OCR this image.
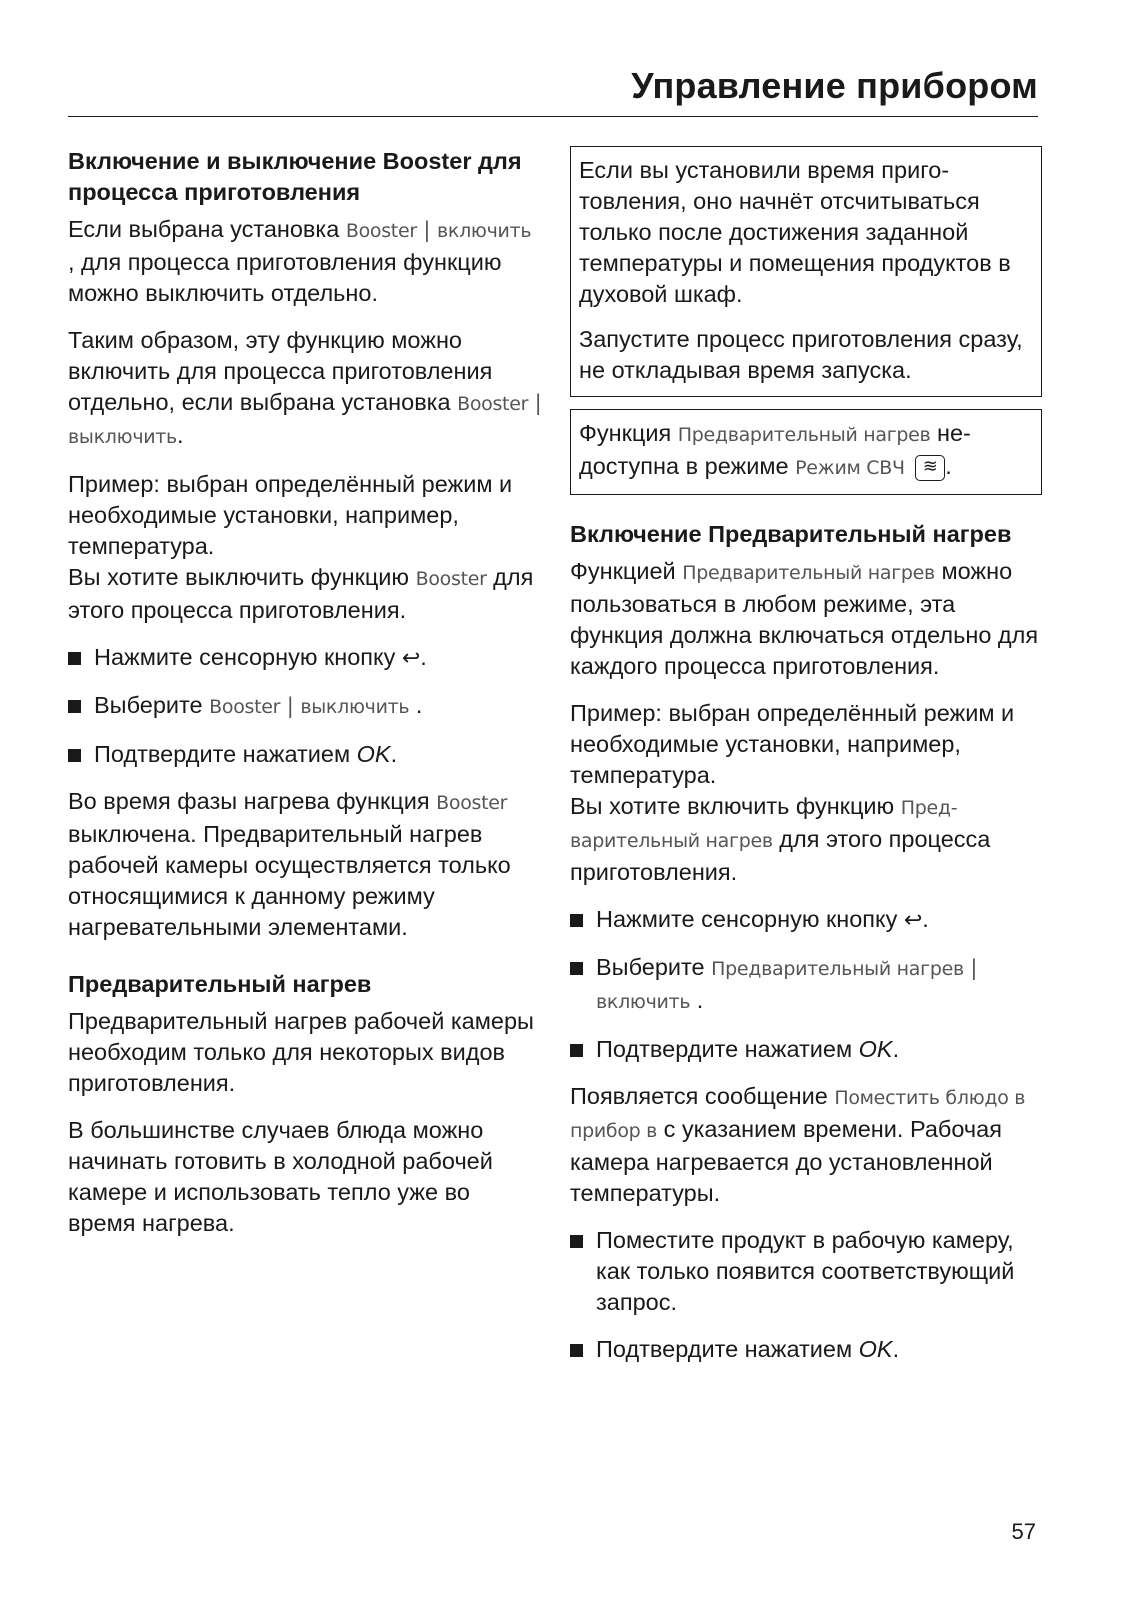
Управление прибором
Включение и выключение Booster для процесса приготовления

Если выбрана установка Booster | включить , для процесса приготовления функцию можно выключить отдельно.

Таким образом, эту функцию можно включить для процесса приготовления отдельно, если выбрана установка Booster | выключить.

Пример: выбран определённый режим и необходимые установки, например, температура.
Вы хотите выключить функцию Booster для этого процесса приготовления.

Нажмите сенсорную кнопку ↩.
Выберите Booster | выключить .
Подтвердите нажатием OK.

Во время фазы нагрева функция Booster выключена. Предварительный нагрев рабочей камеры осуществляется только относящимися к данному режиму нагревательными элементами.

Предварительный нагрев

Предварительный нагрев рабочей камеры необходим только для некоторых видов приготовления.

В большинстве случаев блюда можно начинать готовить в холодной рабочей камере и использовать тепло уже во время нагрева.

Если вы установили время приготовления, оно начнёт отсчитываться только после достижения заданной температуры и помещения продуктов в духовой шкаф.

Запустите процесс приготовления сразу, не откладывая время запуска.

Функция Предварительный нагрев недоступна в режиме Режим СВЧ ≋ .

Включение Предварительный нагрев

Функцией Предварительный нагрев можно пользоваться в любом режиме, эта функция должна включаться отдельно для каждого процесса приготовления.

Пример: выбран определённый режим и необходимые установки, например, температура.
Вы хотите включить функцию Предварительный нагрев для этого процесса приготовления.

Нажмите сенсорную кнопку ↩.
Выберите Предварительный нагрев | включить .
Подтвердите нажатием OK.

Появляется сообщение Поместить блюдо в прибор в с указанием времени. Рабочая камера нагревается до установленной температуры.

Поместите продукт в рабочую камеру, как только появится соответствующий запрос.
Подтвердите нажатием OK.
57
